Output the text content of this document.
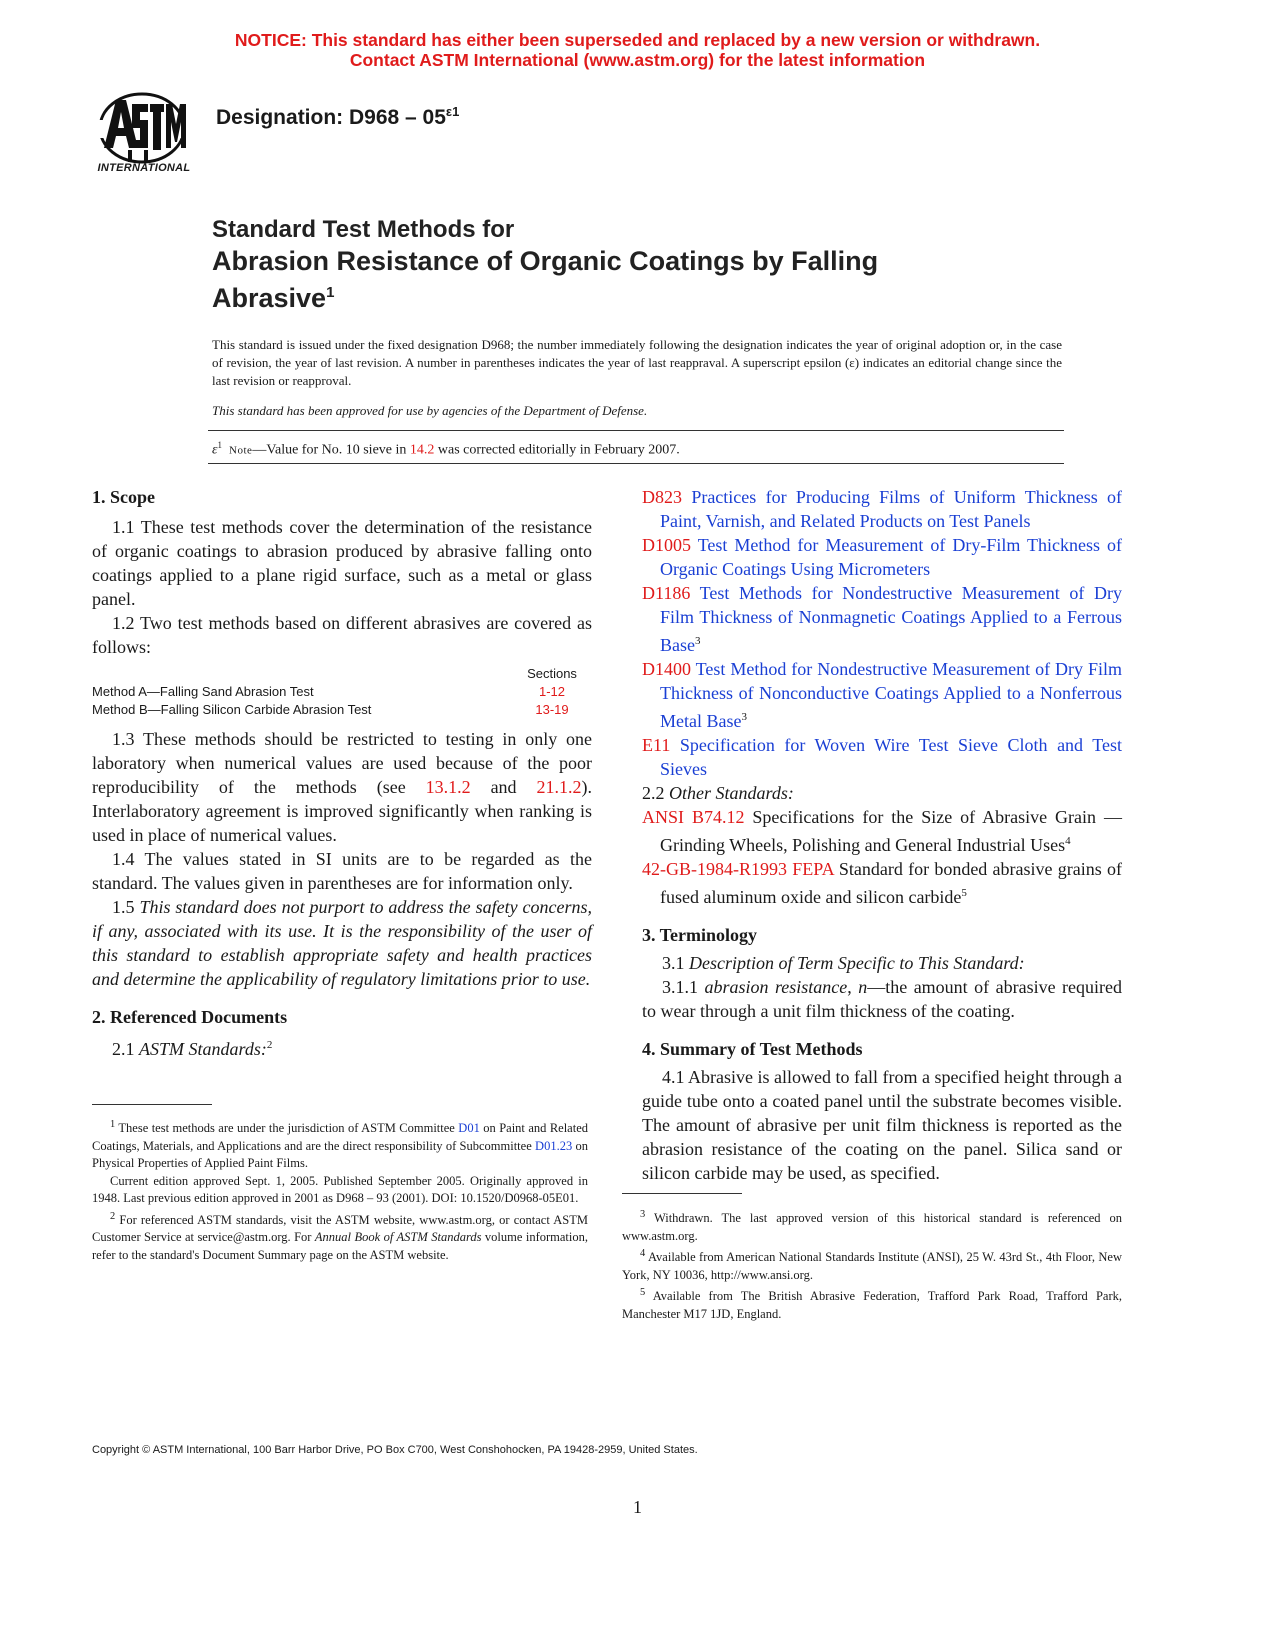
NOTICE: This standard has either been superseded and replaced by a new version or withdrawn.
Contact ASTM International (www.astm.org) for the latest information
INTERNATIONAL
Designation: $D968 - 05^{\varepsilon 1}$
Standard Test Methods for
Abrasion Resistance of Organic Coatings by Falling
Abrasive$^1$
This standard is issued under the fixed designation D968; the number immediately following the designation indicates the year of original adoption or, in the case of revision, the year of last revision. A number in parentheses indicates the year of last reappraval. A superscript epsilon (ε) indicates an editorial change since the last revision or reapproval.
This standard has been approved for use by agencies of the Department of Defense.
$\varepsilon^1$ Note—Value for No. 10 sieve in 14.2 was corrected editorially in February 2007.
1. Scope

1.1 These test methods cover the determination of the resistance of organic coatings to abrasion produced by abrasive falling onto coatings applied to a plane rigid surface, such as a metal or glass panel.

1.2 Two test methods based on different abrasives are covered as follows:

Sections
Method A—Falling Sand Abrasion Test	1-12
Method B—Falling Silicon Carbide Abrasion Test	13-19

1.3 These methods should be restricted to testing in only one laboratory when numerical values are used because of the poor reproducibility of the methods (see 13.1.2 and 21.1.2). Interlaboratory agreement is improved significantly when ranking is used in place of numerical values.

1.4 The values stated in SI units are to be regarded as the standard. The values given in parentheses are for information only.

1.5 This standard does not purport to address the safety concerns, if any, associated with its use. It is the responsibility of the user of this standard to establish appropriate safety and health practices and determine the applicability of regulatory limitations prior to use.

2. Referenced Documents

2.1 ASTM Standards:$^2$

$^1$ These test methods are under the jurisdiction of ASTM Committee D01 on Paint and Related Coatings, Materials, and Applications and are the direct responsibility of Subcommittee D01.23 on Physical Properties of Applied Paint Films.

Current edition approved Sept. 1, 2005. Published September 2005. Originally approved in 1948. Last previous edition approved in 2001 as D968 – 93 (2001). DOI: 10.1520/D0968-05E01.

$^2$ For referenced ASTM standards, visit the ASTM website, www.astm.org, or contact ASTM Customer Service at service@astm.org. For Annual Book of ASTM Standards volume information, refer to the standard's Document Summary page on the ASTM website.

D823 Practices for Producing Films of Uniform Thickness of Paint, Varnish, and Related Products on Test Panels

D1005 Test Method for Measurement of Dry-Film Thickness of Organic Coatings Using Micrometers

D1186 Test Methods for Nondestructive Measurement of Dry Film Thickness of Nonmagnetic Coatings Applied to a Ferrous Base$^3$

D1400 Test Method for Nondestructive Measurement of Dry Film Thickness of Nonconductive Coatings Applied to a Nonferrous Metal Base$^3$

E11 Specification for Woven Wire Test Sieve Cloth and Test Sieves

2.2 Other Standards:

ANSI B74.12 Specifications for the Size of Abrasive Grain — Grinding Wheels, Polishing and General Industrial Uses$^4$

42-GB-1984-R1993 FEPA Standard for bonded abrasive grains of fused aluminum oxide and silicon carbide$^5$

3. Terminology

3.1 Description of Term Specific to This Standard:

3.1.1 abrasion resistance, n—the amount of abrasive required to wear through a unit film thickness of the coating.

4. Summary of Test Methods

4.1 Abrasive is allowed to fall from a specified height through a guide tube onto a coated panel until the substrate becomes visible. The amount of abrasive per unit film thickness is reported as the abrasion resistance of the coating on the panel. Silica sand or silicon carbide may be used, as specified.

$^3$ Withdrawn. The last approved version of this historical standard is referenced on www.astm.org.

$^4$ Available from American National Standards Institute (ANSI), 25 W. 43rd St., 4th Floor, New York, NY 10036, http://www.ansi.org.

$^5$ Available from The British Abrasive Federation, Trafford Park Road, Trafford Park, Manchester M17 1JD, England.

Copyright © ASTM International, 100 Barr Harbor Drive, PO Box C700, West Conshohocken, PA 19428-2959, United States.
1
